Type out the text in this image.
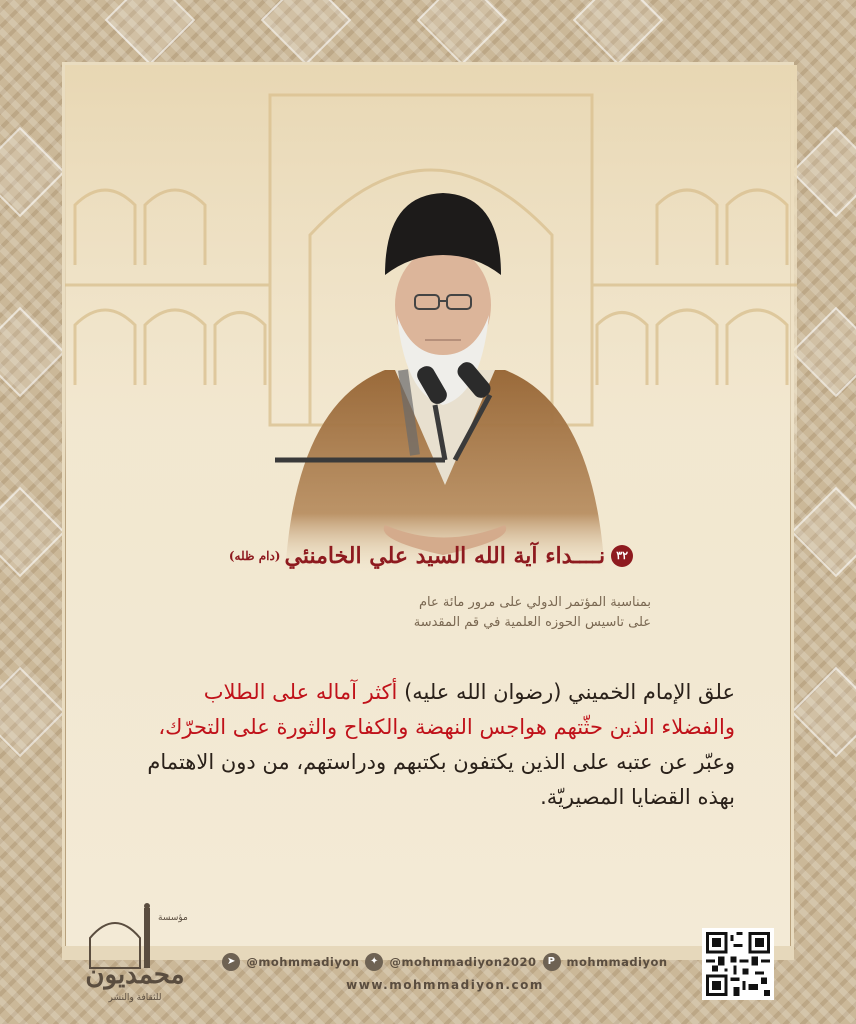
٣٢نــــداء آية الله السيد علي الخامنئي(دام ظله)
بمناسبة المؤتمر الدولي على مرور مائة عام
على تاسيس الحوزه العلمية في قم المقدسة
علق الإمام الخميني (رضوان الله عليه) أكثر آماله على الطلاب والفضلاء الذين حثّتهم هواجس النهضة والكفاح والثورة على التحرّك، وعبّر عن عتبه على الذين يكتفون بكتبهم ودراستهم، من دون الاهتمام بهذه القضايا المصيريّة.
مؤسسة
محمديون
للثقافة والنشر
➤ @mohmmadiyon	✦ @mohmmadiyon2020	P mohmmadiyon
www.mohmmadiyon.com
